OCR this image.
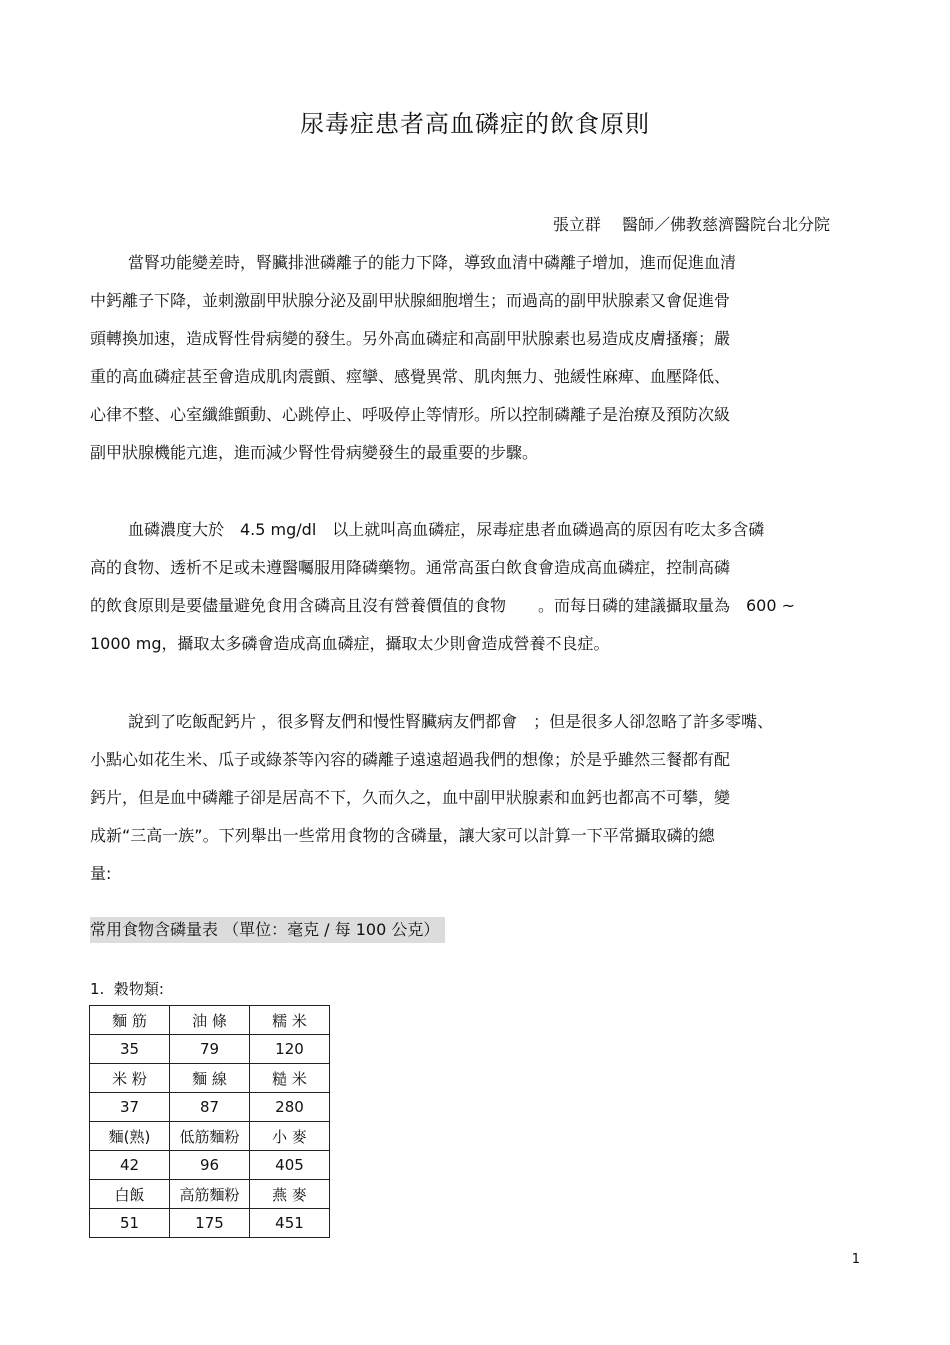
尿毒症患者高血磷症的飲食原則
張立群　 醫師／佛教慈濟醫院台北分院
當腎功能變差時，腎臟排泄磷離子的能力下降，導致血清中磷離子增加，進而促進血清
中鈣離子下降，並刺激副甲狀腺分泌及副甲狀腺細胞增生；而過高的副甲狀腺素又會促進骨
頭轉換加速，造成腎性骨病變的發生。另外高血磷症和高副甲狀腺素也易造成皮膚搔癢；嚴
重的高血磷症甚至會造成肌肉震顫、痙攣、感覺異常、肌肉無力、弛緩性麻痺、血壓降低、
心律不整、心室纖維顫動、心跳停止、呼吸停止等情形。所以控制磷離子是治療及預防次級
副甲狀腺機能亢進，進而減少腎性骨病變發生的最重要的步驟。
血磷濃度大於　4.5 mg/dl　以上就叫高血磷症，尿毒症患者血磷過高的原因有吃太多含磷
高的食物、透析不足或未遵醫囑服用降磷藥物。通常高蛋白飲食會造成高血磷症，控制高磷
的飲食原則是要儘量避免食用含磷高且沒有營養價值的食物　　。而每日磷的建議攝取量為　600 ~
1000 mg，攝取太多磷會造成高血磷症，攝取太少則會造成營養不良症。
說到了吃飯配鈣片 ，很多腎友們和慢性腎臟病友們都會　；但是很多人卻忽略了許多零嘴、
小點心如花生米、瓜子或綠茶等內容的磷離子遠遠超過我們的想像；於是乎雖然三餐都有配
鈣片，但是血中磷離子卻是居高不下，久而久之，血中副甲狀腺素和血鈣也都高不可攀，變
成新“三高一族”。下列舉出一些常用食物的含磷量，讓大家可以計算一下平常攝取磷的總
量:
常用食物含磷量表 （單位：毫克 / 每 100 公克）
1.  穀物類:
麵 筋	油 條	糯 米
35	79	120
米 粉	麵 線	糙 米
37	87	280
麵(熟)	低筋麵粉	小 麥
42	96	405
白飯	高筋麵粉	燕 麥
51	175	451
1
